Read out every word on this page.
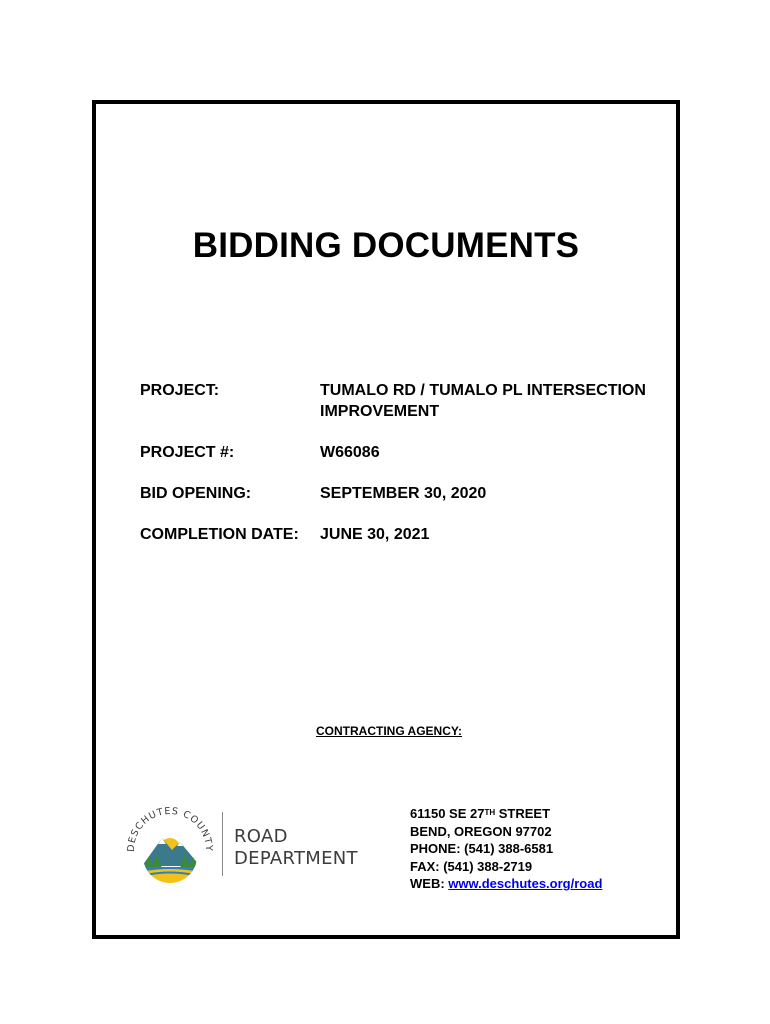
BIDDING DOCUMENTS
PROJECT:	TUMALO RD / TUMALO PL INTERSECTION IMPROVEMENT
PROJECT #:	W66086
BID OPENING:	SEPTEMBER 30, 2020
COMPLETION DATE:	JUNE 30, 2021
CONTRACTING AGENCY:
DESCHUTES COUNTY
ROAD
DEPARTMENT
61150 SE 27TH STREET
BEND, OREGON 97702
PHONE: (541) 388-6581
FAX: (541) 388-2719
WEB: www.deschutes.org/road
